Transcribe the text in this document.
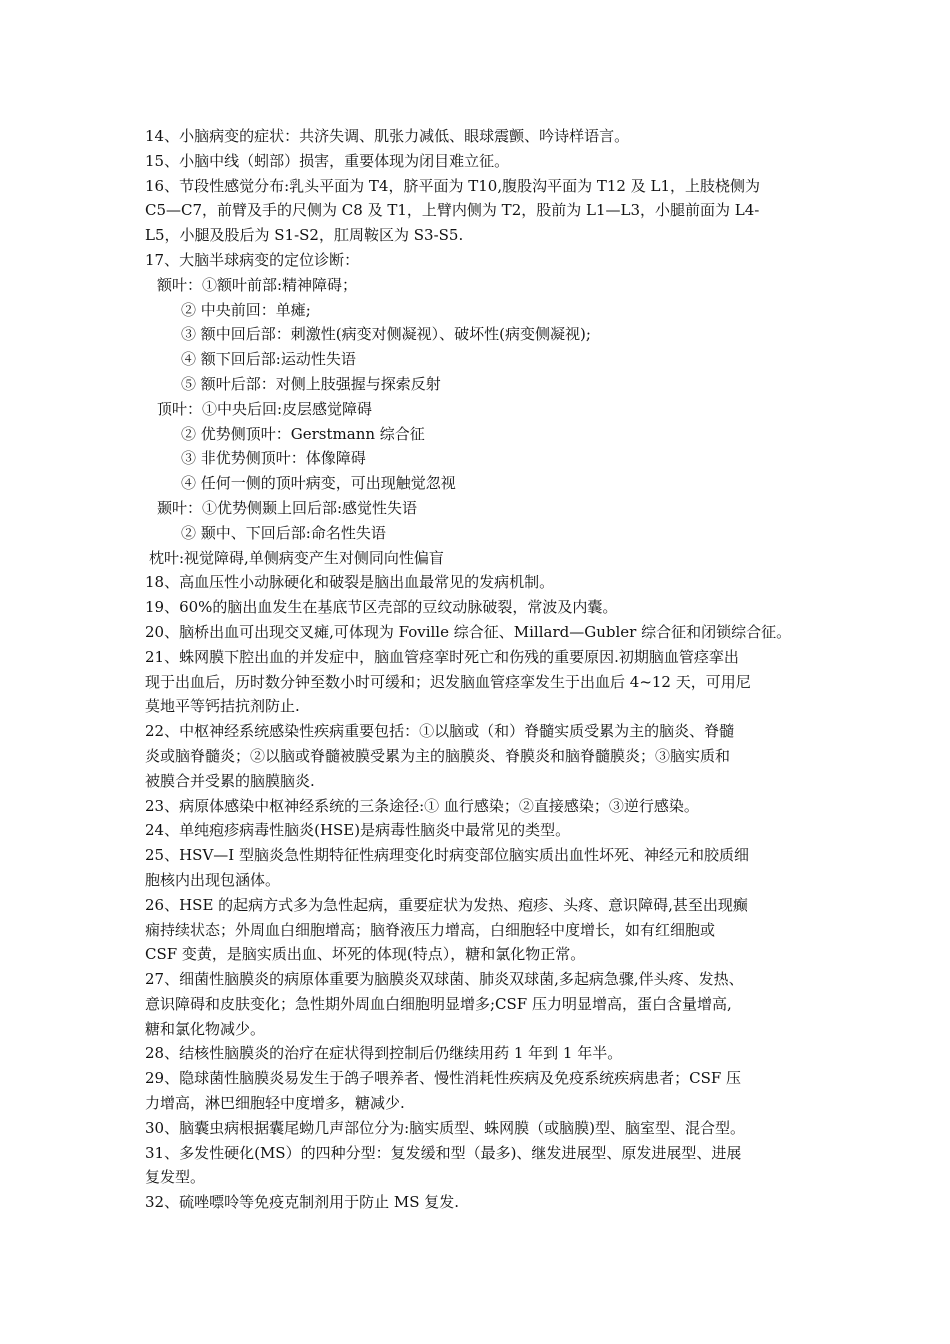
14、小脑病变的症状：共济失调、肌张力减低、眼球震颤、吟诗样语言。
15、小脑中线（蚓部）损害，重要体现为闭目难立征。
16、节段性感觉分布:乳头平面为 T4，脐平面为 T10,腹股沟平面为 T12 及 L1，上肢桡侧为
C5—C7，前臂及手的尺侧为 C8 及 T1，上臂内侧为 T2，股前为 L1—L3，小腿前面为 L4-
L5，小腿及股后为 S1-S2，肛周鞍区为 S3-S5.
17、大脑半球病变的定位诊断：
额叶：①额叶前部:精神障碍；
② 中央前回：单瘫;
③ 额中回后部：刺激性(病变对侧凝视）、破坏性(病变侧凝视);
④ 额下回后部:运动性失语
⑤ 额叶后部：对侧上肢强握与探索反射
顶叶：①中央后回:皮层感觉障碍
② 优势侧顶叶：Gerstmann 综合征
③ 非优势侧顶叶：体像障碍
④ 任何一侧的顶叶病变，可出现触觉忽视
颞叶：①优势侧颞上回后部:感觉性失语
② 颞中、下回后部:命名性失语
枕叶:视觉障碍,单侧病变产生对侧同向性偏盲
18、高血压性小动脉硬化和破裂是脑出血最常见的发病机制。
19、60%的脑出血发生在基底节区壳部的豆纹动脉破裂，常波及内囊。
20、脑桥出血可出现交叉瘫,可体现为 Foville 综合征、Millard—Gubler 综合征和闭锁综合征。
21、蛛网膜下腔出血的并发症中，脑血管痉挛时死亡和伤残的重要原因.初期脑血管痉挛出
现于出血后，历时数分钟至数小时可缓和；迟发脑血管痉挛发生于出血后 4~12 天，可用尼
莫地平等钙拮抗剂防止.
22、中枢神经系统感染性疾病重要包括：①以脑或（和）脊髓实质受累为主的脑炎、脊髓
炎或脑脊髓炎；②以脑或脊髓被膜受累为主的脑膜炎、脊膜炎和脑脊髓膜炎；③脑实质和
被膜合并受累的脑膜脑炎.
23、病原体感染中枢神经系统的三条途径:① 血行感染；②直接感染；③逆行感染。
24、单纯疱疹病毒性脑炎(HSE)是病毒性脑炎中最常见的类型。
25、HSV—I 型脑炎急性期特征性病理变化时病变部位脑实质出血性坏死、神经元和胶质细
胞核内出现包涵体。
26、HSE 的起病方式多为急性起病，重要症状为发热、疱疹、头疼、意识障碍,甚至出现癫
痫持续状态；外周血白细胞增高；脑脊液压力增高，白细胞轻中度增长，如有红细胞或
CSF 变黄，是脑实质出血、坏死的体现(特点），糖和氯化物正常。
27、细菌性脑膜炎的病原体重要为脑膜炎双球菌、肺炎双球菌,多起病急骤,伴头疼、发热、
意识障碍和皮肤变化；急性期外周血白细胞明显增多;CSF 压力明显增高，蛋白含量增高,
糖和氯化物减少。
28、结核性脑膜炎的治疗在症状得到控制后仍继续用药 1 年到 1 年半。
29、隐球菌性脑膜炎易发生于鸽子喂养者、慢性消耗性疾病及免疫系统疾病患者；CSF 压
力增高，淋巴细胞轻中度增多，糖减少.
30、脑囊虫病根据囊尾蚴几声部位分为:脑实质型、蛛网膜（或脑膜)型、脑室型、混合型。
31、多发性硬化(MS）的四种分型：复发缓和型（最多)、继发进展型、原发进展型、进展
复发型。
32、硫唑嘌呤等免疫克制剂用于防止 MS 复发.
